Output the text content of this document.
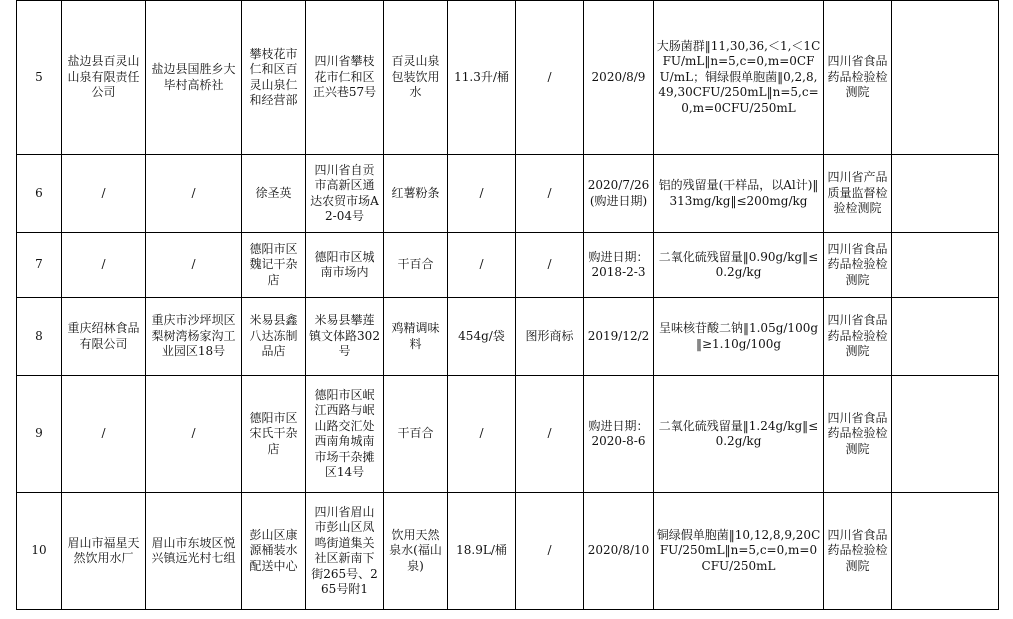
5	盐边县百灵山山泉有限责任公司	盐边县国胜乡大毕村高桥社	攀枝花市仁和区百灵山泉仁和经营部	四川省攀枝花市仁和区正兴巷57号	百灵山泉包装饮用水	11.3升/桶	/	2020/8/9	大肠菌群‖11,30,36,＜1,＜1CFU/mL‖n=5,c=0,m=0CFU/mL；铜绿假单胞菌‖0,2,8,49,30CFU/250mL‖n=5,c=0,m=0CFU/250mL	四川省食品药品检验检测院	
6	/	/	徐圣英	四川省自贡市高新区通达农贸市场A2-04号	红薯粉条	/	/	2020/7/26(购进日期)	铝的残留量(干样品，以Al计)‖313mg/kg‖≤200mg/kg	四川省产品质量监督检验检测院	
7	/	/	德阳市区魏记干杂店	德阳市区城南市场内	干百合	/	/	购进日期：2018-2-3	二氧化硫残留量‖0.90g/kg‖≤0.2g/kg	四川省食品药品检验检测院	
8	重庆绍林食品有限公司	重庆市沙坪坝区梨树湾杨家沟工业园区18号	米易县鑫八达冻制品店	米易县攀莲镇文体路302号	鸡精调味料	454g/袋	图形商标	2019/12/2	呈味核苷酸二钠‖1.05g/100g‖≥1.10g/100g	四川省食品药品检验检测院	
9	/	/	德阳市区宋氏干杂店	德阳市区岷江西路与岷山路交汇处西南角城南市场干杂摊区14号	干百合	/	/	购进日期：2020-8-6	二氧化硫残留量‖1.24g/kg‖≤0.2g/kg	四川省食品药品检验检测院	
10	眉山市福星天然饮用水厂	眉山市东坡区悦兴镇远光村七组	彭山区康源桶装水配送中心	四川省眉山市彭山区凤鸣街道集关社区新南下街265号、265号附1	饮用天然泉水(福山泉)	18.9L/桶	/	2020/8/10	铜绿假单胞菌‖10,12,8,9,20CFU/250mL‖n=5,c=0,m=0CFU/250mL	四川省食品药品检验检测院	
